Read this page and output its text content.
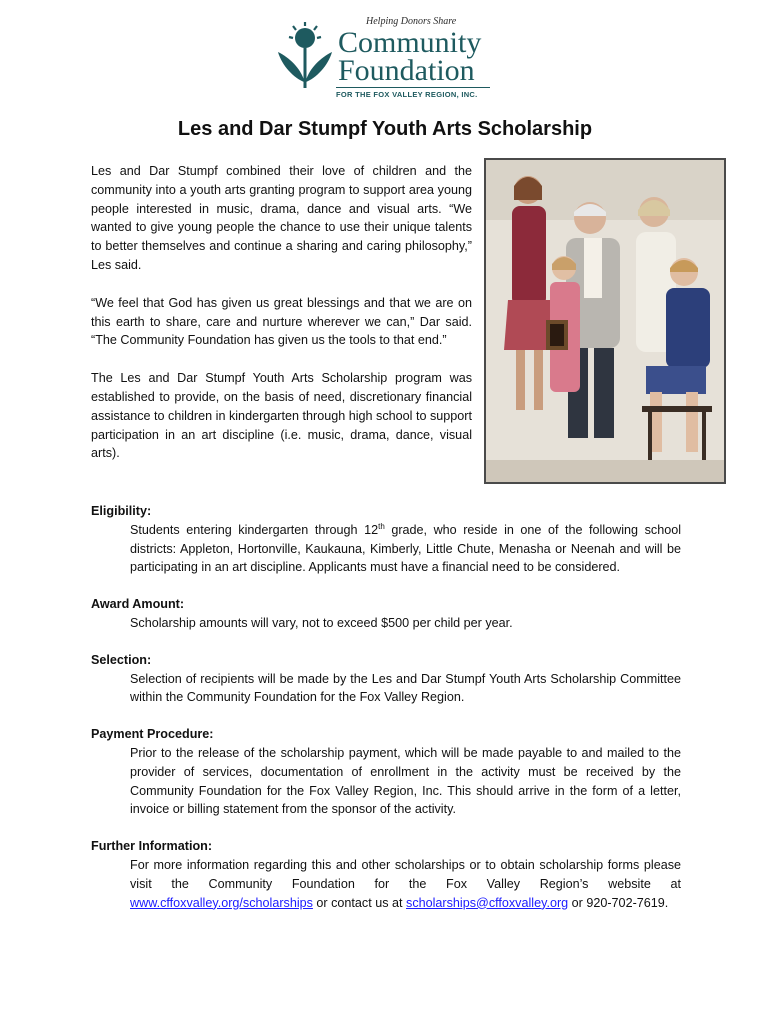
Helping Donors Share
Community
Foundation
FOR THE FOX VALLEY REGION, INC.
Les and Dar Stumpf Youth Arts Scholarship

Les and Dar Stumpf combined their love of children and the community into a youth arts granting program to support area young people interested in music, drama, dance and visual arts. “We wanted to give young people the chance to use their unique talents to better themselves and continue a sharing and caring philosophy,” Les said.

“We feel that God has given us great blessings and that we are on this earth to share, care and nurture wherever we can,” Dar said. “The Community Foundation has given us the tools to that end.”

The Les and Dar Stumpf Youth Arts Scholarship program was established to provide, on the basis of need, discretionary financial assistance to children in kindergarten through high school to support participation in an art discipline (i.e. music, drama, dance, visual arts).

Eligibility:

Students entering kindergarten through 12th grade, who reside in one of the following school districts: Appleton, Hortonville, Kaukauna, Kimberly, Little Chute, Menasha or Neenah and will be participating in an art discipline. Applicants must have a financial need to be considered.

Award Amount:

Scholarship amounts will vary, not to exceed $500 per child per year.

Selection:

Selection of recipients will be made by the Les and Dar Stumpf Youth Arts Scholarship Committee within the Community Foundation for the Fox Valley Region.

Payment Procedure:

Prior to the release of the scholarship payment, which will be made payable to and mailed to the provider of services, documentation of enrollment in the activity must be received by the Community Foundation for the Fox Valley Region, Inc. This should arrive in the form of a letter, invoice or billing statement from the sponsor of the activity.

Further Information:

For more information regarding this and other scholarships or to obtain scholarship forms please visit the Community Foundation for the Fox Valley Region’s website at www.cffoxvalley.org/scholarships or contact us at scholarships@cffoxvalley.org or 920-702-7619.
